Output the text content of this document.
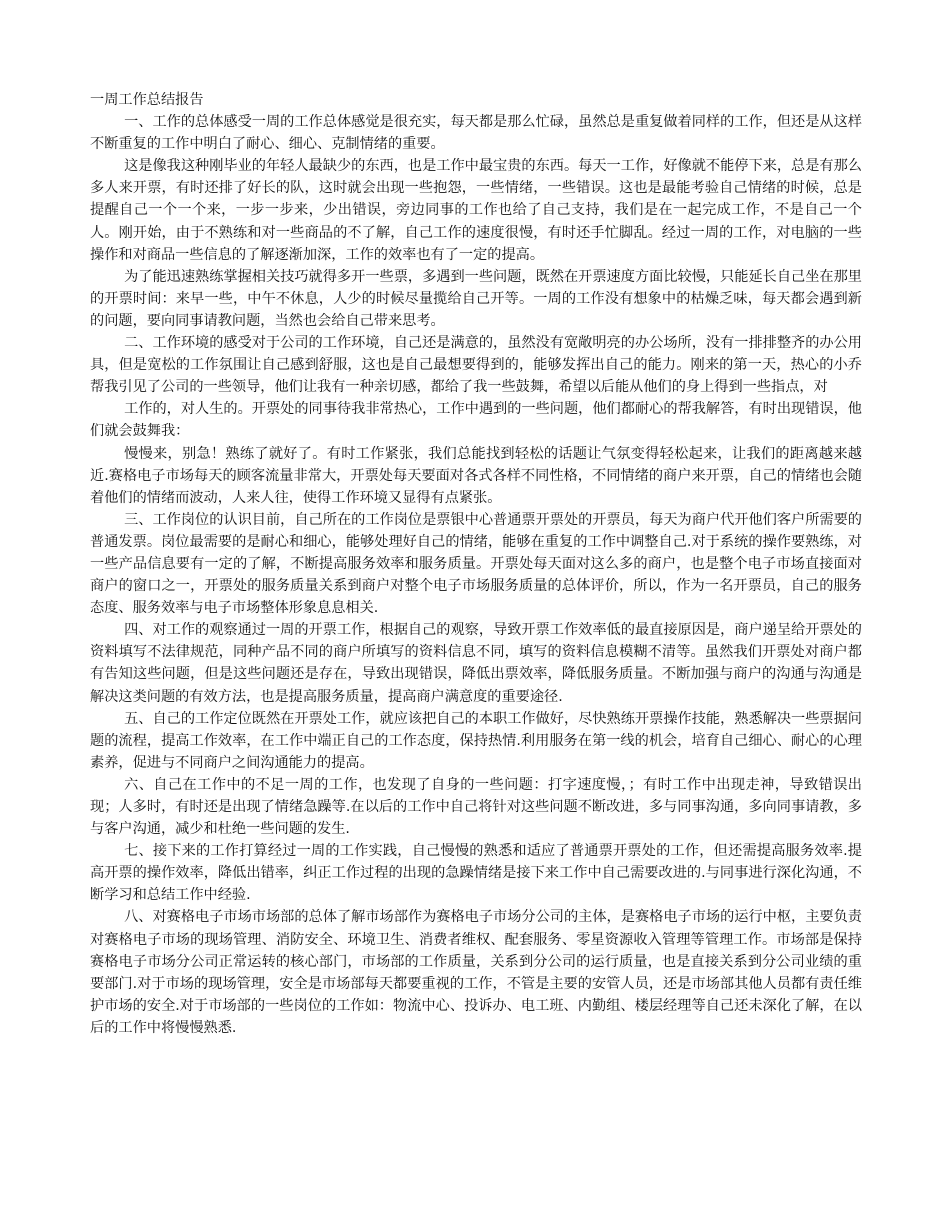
一周工作总结报告

一、工作的总体感受一周的工作总体感觉是很充实，每天都是那么忙碌，虽然总是重复做着同样的工作，但还是从这样不断重复的工作中明白了耐心、细心、克制情绪的重要。

这是像我这种刚毕业的年轻人最缺少的东西，也是工作中最宝贵的东西。每天一工作，好像就不能停下来，总是有那么多人来开票，有时还排了好长的队，这时就会出现一些抱怨，一些情绪，一些错误。这也是最能考验自己情绪的时候，总是提醒自己一个一个来，一步一步来，少出错误，旁边同事的工作也给了自己支持，我们是在一起完成工作，不是自己一个人。刚开始，由于不熟练和对一些商品的不了解，自己工作的速度很慢，有时还手忙脚乱。经过一周的工作，对电脑的一些操作和对商品一些信息的了解逐渐加深，工作的效率也有了一定的提高。

为了能迅速熟练掌握相关技巧就得多开一些票，多遇到一些问题，既然在开票速度方面比较慢，只能延长自己坐在那里的开票时间：来早一些，中午不休息，人少的时候尽量揽给自己开等。一周的工作没有想象中的枯燥乏味，每天都会遇到新的问题，要向同事请教问题，当然也会给自己带来思考。

二、工作环境的感受对于公司的工作环境，自己还是满意的，虽然没有宽敞明亮的办公场所，没有一排排整齐的办公用具，但是宽松的工作氛围让自己感到舒服，这也是自己最想要得到的，能够发挥出自己的能力。刚来的第一天，热心的小乔帮我引见了公司的一些领导，他们让我有一种亲切感，都给了我一些鼓舞，希望以后能从他们的身上得到一些指点，对

工作的，对人生的。开票处的同事待我非常热心，工作中遇到的一些问题，他们都耐心的帮我解答，有时出现错误，他们就会鼓舞我：

慢慢来，别急！熟练了就好了。有时工作紧张，我们总能找到轻松的话题让气氛变得轻松起来，让我们的距离越来越近.赛格电子市场每天的顾客流量非常大，开票处每天要面对各式各样不同性格，不同情绪的商户来开票，自己的情绪也会随着他们的情绪而波动，人来人往，使得工作环境又显得有点紧张。

三、工作岗位的认识目前，自己所在的工作岗位是票银中心普通票开票处的开票员，每天为商户代开他们客户所需要的普通发票。岗位最需要的是耐心和细心，能够处理好自己的情绪，能够在重复的工作中调整自己.对于系统的操作要熟练，对一些产品信息要有一定的了解，不断提高服务效率和服务质量。开票处每天面对这么多的商户，也是整个电子市场直接面对商户的窗口之一，开票处的服务质量关系到商户对整个电子市场服务质量的总体评价，所以，作为一名开票员，自己的服务态度、服务效率与电子市场整体形象息息相关.

四、对工作的观察通过一周的开票工作，根据自己的观察，导致开票工作效率低的最直接原因是，商户递呈给开票处的资料填写不法律规范，同种产品不同的商户所填写的资料信息不同，填写的资料信息模糊不清等。虽然我们开票处对商户都有告知这些问题，但是这些问题还是存在，导致出现错误，降低出票效率，降低服务质量。不断加强与商户的沟通与沟通是解决这类问题的有效方法，也是提高服务质量，提高商户满意度的重要途径.

五、自己的工作定位既然在开票处工作，就应该把自己的本职工作做好，尽快熟练开票操作技能，熟悉解决一些票据问题的流程，提高工作效率，在工作中端正自己的工作态度，保持热情.利用服务在第一线的机会，培育自己细心、耐心的心理素养，促进与不同商户之间沟通能力的提高。

六、自己在工作中的不足一周的工作，也发现了自身的一些问题：打字速度慢，；有时工作中出现走神，导致错误出现；人多时，有时还是出现了情绪急躁等.在以后的工作中自己将针对这些问题不断改进，多与同事沟通，多向同事请教，多与客户沟通，减少和杜绝一些问题的发生.

七、接下来的工作打算经过一周的工作实践，自己慢慢的熟悉和适应了普通票开票处的工作，但还需提高服务效率.提高开票的操作效率，降低出错率，纠正工作过程的出现的急躁情绪是接下来工作中自己需要改进的.与同事进行深化沟通，不断学习和总结工作中经验.

八、对赛格电子市场市场部的总体了解市场部作为赛格电子市场分公司的主体，是赛格电子市场的运行中枢，主要负责对赛格电子市场的现场管理、消防安全、环境卫生、消费者维权、配套服务、零星资源收入管理等管理工作。市场部是保持赛格电子市场分公司正常运转的核心部门，市场部的工作质量，关系到分公司的运行质量，也是直接关系到分公司业绩的重要部门.对于市场的现场管理，安全是市场部每天都要重视的工作，不管是主要的安管人员，还是市场部其他人员都有责任维护市场的安全.对于市场部的一些岗位的工作如：物流中心、投诉办、电工班、内勤组、楼层经理等自己还未深化了解，在以后的工作中将慢慢熟悉.
